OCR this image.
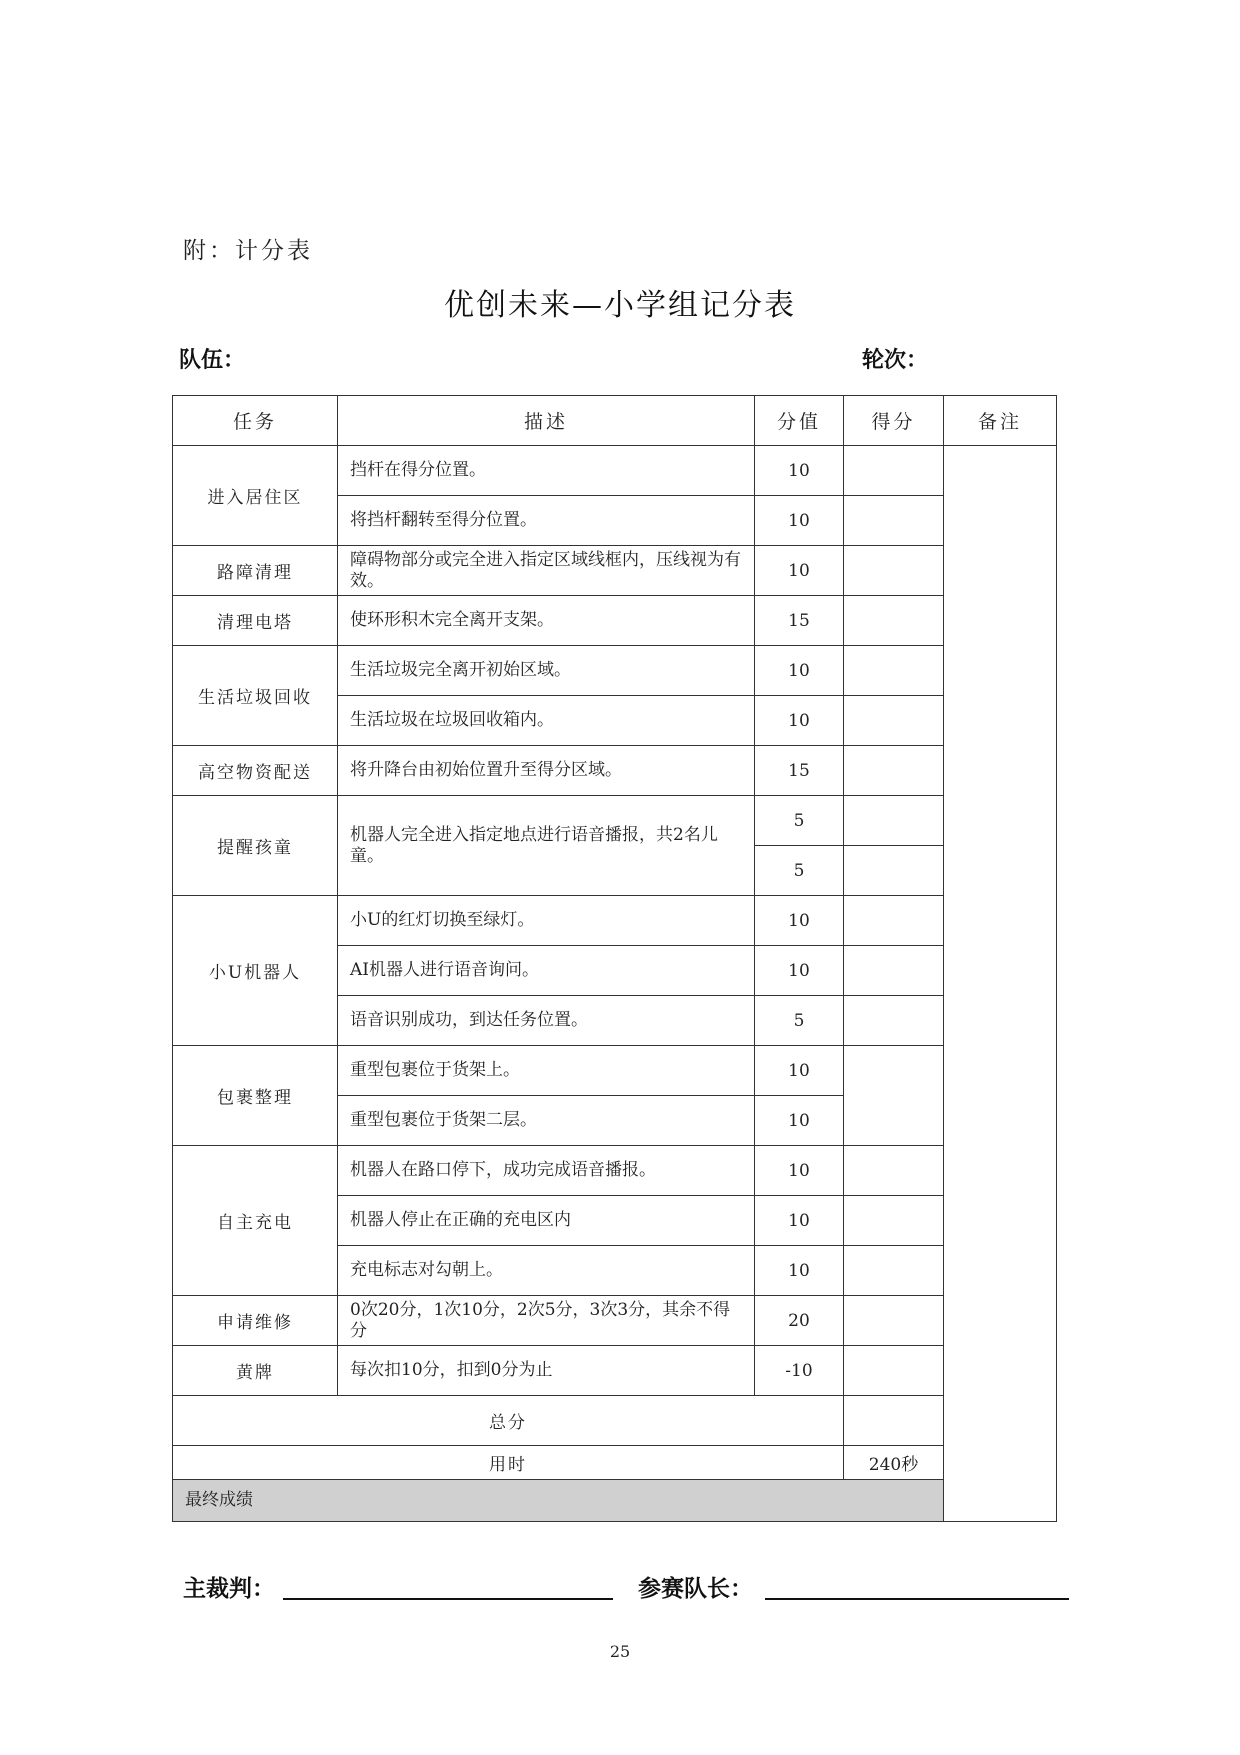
附：计分表
优创未来—小学组记分表
队伍：	轮次：
任务	描述	分值	得分	备注	
进入居住区	挡杆在得分位置。	10			
	将挡杆翻转至得分位置。	10			
路障清理	障碍物部分或完全进入指定区域线框内，压线视为有效。	10			
清理电塔	使环形积木完全离开支架。	15			
生活垃圾回收	生活垃圾完全离开初始区域。	10			
	生活垃圾在垃圾回收箱内。	10			
高空物资配送	将升降台由初始位置升至得分区域。	15			
提醒孩童	机器人完全进入指定地点进行语音播报，共2名儿童。	5			
		5			
小U机器人	小U的红灯切换至绿灯。	10			
	AI机器人进行语音询问。	10			
	语音识别成功，到达任务位置。	5			
包裹整理	重型包裹位于货架上。	10			
	重型包裹位于货架二层。	10			
自主充电	机器人在路口停下，成功完成语音播报。	10			
	机器人停止在正确的充电区内	10			
	充电标志对勾朝上。	10			
申请维修	0次20分，1次10分，2次5分，3次3分，其余不得分	20			
黄牌	每次扣10分，扣到0分为止	-10			
总分					
用时			240秒		
最终成绩					
主裁判：	参赛队长：
25
